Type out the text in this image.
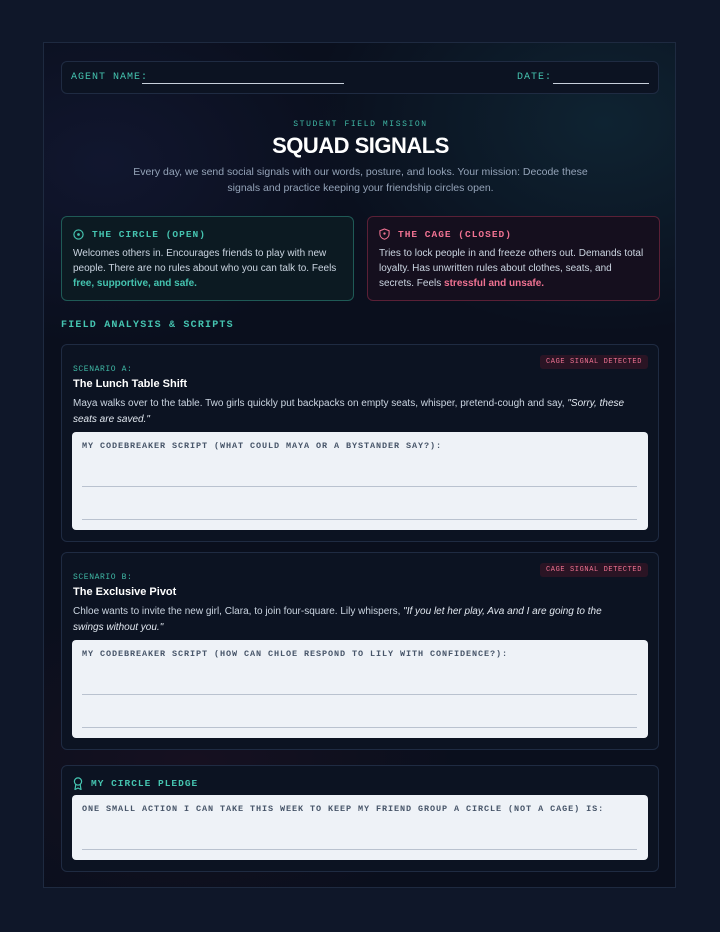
AGENT NAME:	DATE:
STUDENT FIELD MISSION
SQUAD SIGNALS
Every day, we send social signals with our words, posture, and looks. Your mission: Decode these signals and practice keeping your friendship circles open.
THE CIRCLE (OPEN)
Welcomes others in. Encourages friends to play with new people. There are no rules about who you can talk to. Feels free, supportive, and safe.
THE CAGE (CLOSED)
Tries to lock people in and freeze others out. Demands total loyalty. Has unwritten rules about clothes, seats, and secrets. Feels stressful and unsafe.
FIELD ANALYSIS & SCRIPTS
CAGE SIGNAL DETECTED
SCENARIO A:
The Lunch Table Shift
Maya walks over to the table. Two girls quickly put backpacks on empty seats, whisper, pretend-cough and say, "Sorry, these seats are saved."
MY CODEBREAKER SCRIPT (WHAT COULD MAYA OR A BYSTANDER SAY?):
CAGE SIGNAL DETECTED
SCENARIO B:
The Exclusive Pivot
Chloe wants to invite the new girl, Clara, to join four-square. Lily whispers, "If you let her play, Ava and I are going to the swings without you."
MY CODEBREAKER SCRIPT (HOW CAN CHLOE RESPOND TO LILY WITH CONFIDENCE?):
MY CIRCLE PLEDGE
ONE SMALL ACTION I CAN TAKE THIS WEEK TO KEEP MY FRIEND GROUP A CIRCLE (NOT A CAGE) IS:
